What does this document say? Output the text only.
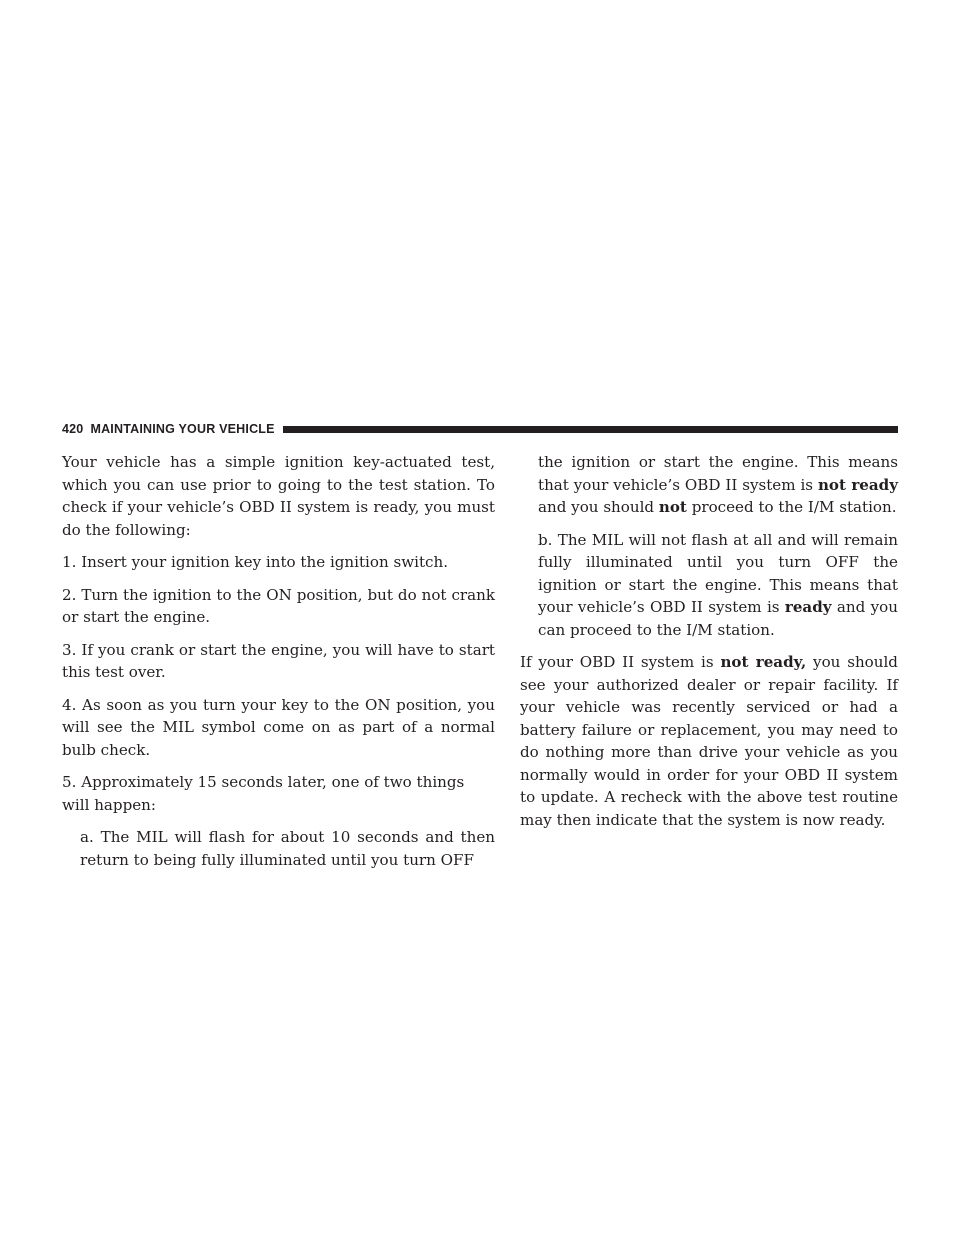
420 MAINTAINING YOUR VEHICLE

Your vehicle has a simple ignition key-actuated test, which you can use prior to going to the test station. To check if your vehicle’s OBD II system is ready, you must do the following:

1. Insert your ignition key into the ignition switch.

2. Turn the ignition to the ON position, but do not crank or start the engine.

3. If you crank or start the engine, you will have to start this test over.

4. As soon as you turn your key to the ON position, you will see the MIL symbol come on as part of a normal bulb check.

5. Approximately 15 seconds later, one of two things will happen:

a. The MIL will flash for about 10 seconds and then return to being fully illuminated until you turn OFF

the ignition or start the engine. This means that your vehicle’s OBD II system is not ready and you should not proceed to the I/M station.

b. The MIL will not flash at all and will remain fully illuminated until you turn OFF the ignition or start the engine. This means that your vehicle’s OBD II system is ready and you can proceed to the I/M station.

If your OBD II system is not ready, you should see your authorized dealer or repair facility. If your vehicle was recently serviced or had a battery failure or replacement, you may need to do nothing more than drive your vehicle as you normally would in order for your OBD II system to update. A recheck with the above test routine may then indicate that the system is now ready.
